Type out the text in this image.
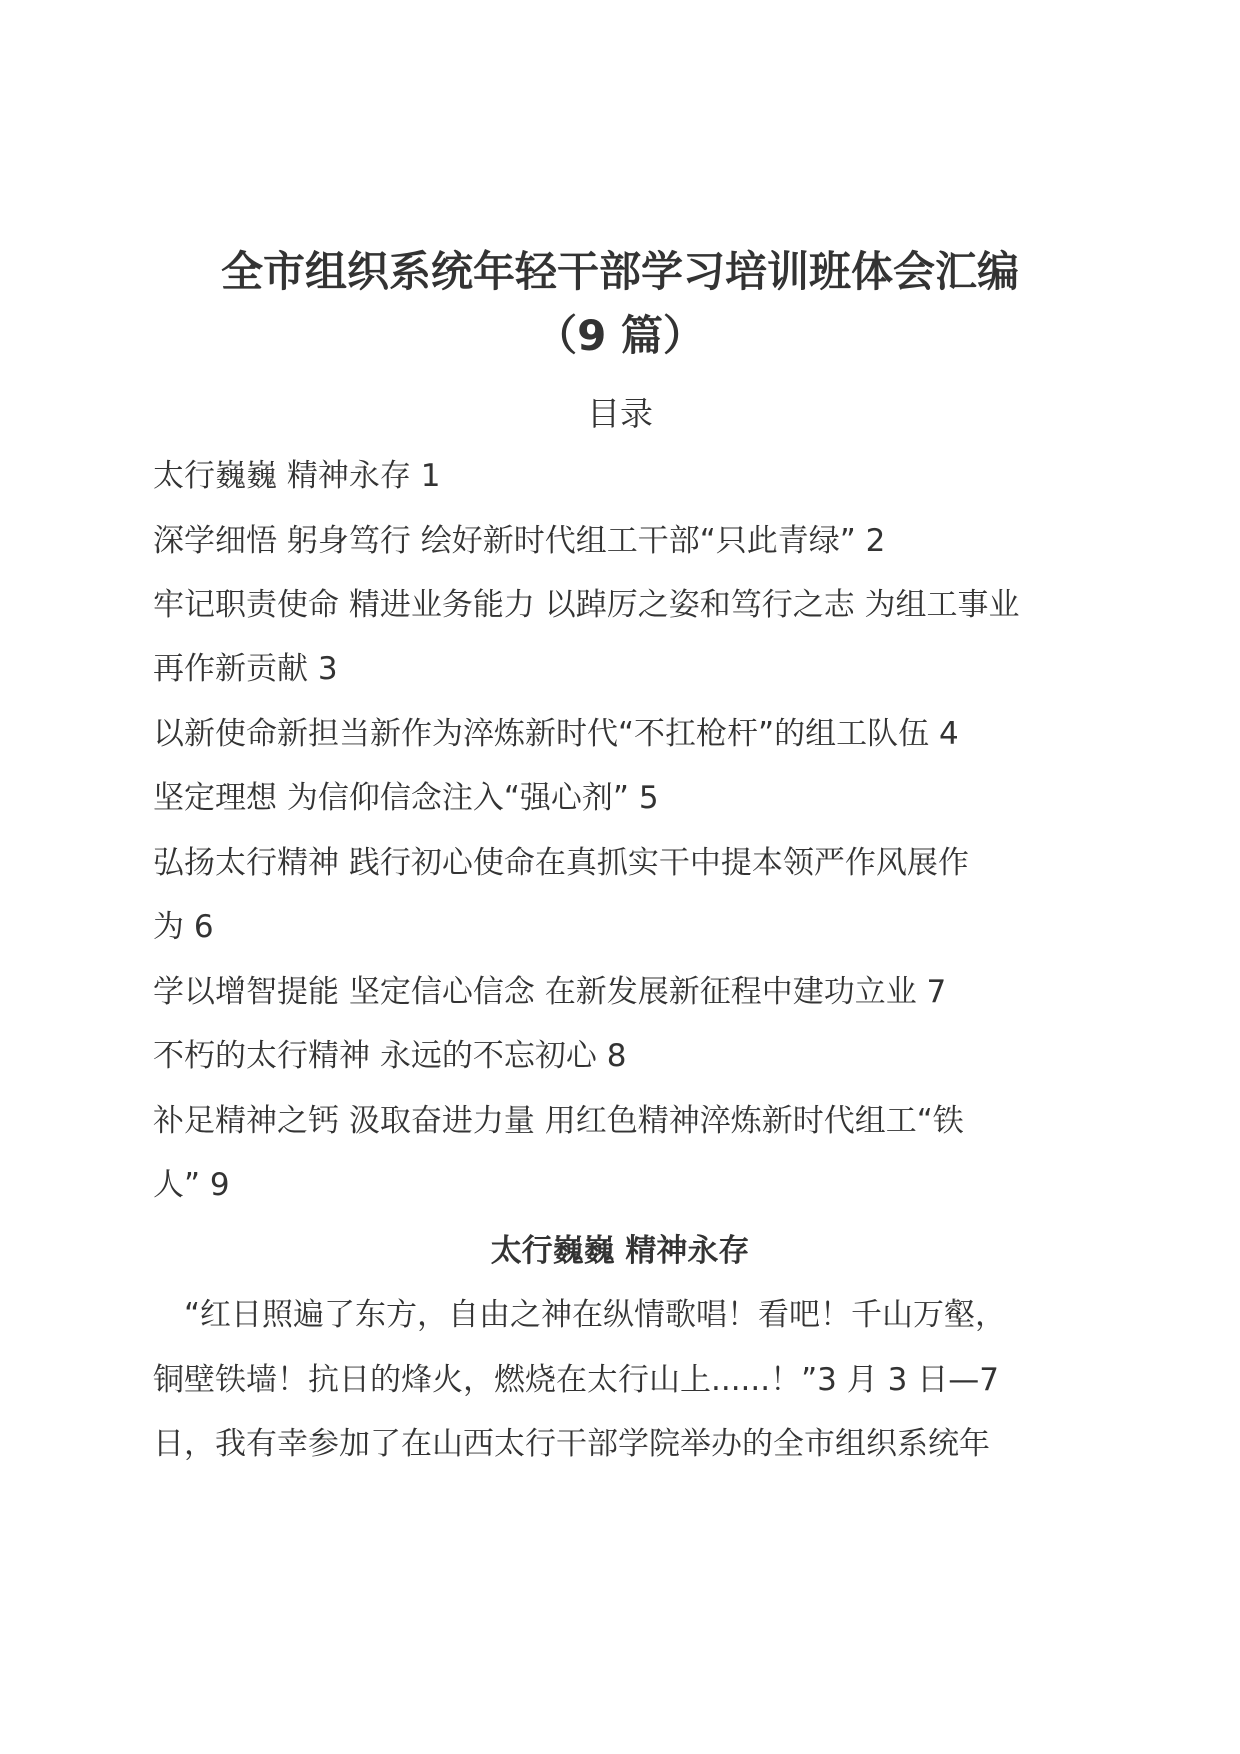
全市组织系统年轻干部学习培训班体会汇编
（9 篇）
目录
太行巍巍 精神永存 1
深学细悟 躬身笃行 绘好新时代组工干部“只此青绿” 2
牢记职责使命 精进业务能力 以踔厉之姿和笃行之志 为组工事业
再作新贡献 3
以新使命新担当新作为淬炼新时代“不扛枪杆”的组工队伍 4
坚定理想 为信仰信念注入“强心剂” 5
弘扬太行精神 践行初心使命在真抓实干中提本领严作风展作
为 6
学以增智提能 坚定信心信念 在新发展新征程中建功立业 7
不朽的太行精神 永远的不忘初心 8
补足精神之钙 汲取奋进力量 用红色精神淬炼新时代组工“铁
人” 9
太行巍巍 精神永存
　“红日照遍了东方，自由之神在纵情歌唱！看吧！千山万壑，
铜壁铁墙！抗日的烽火，燃烧在太行山上......！”3 月 3 日—7
日，我有幸参加了在山西太行干部学院举办的全市组织系统年
